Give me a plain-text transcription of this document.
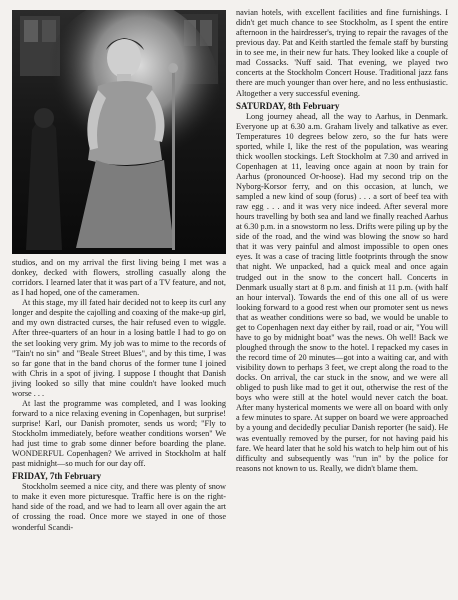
studios, and on my arrival the first living being I met was a donkey, decked with flowers, strolling casually along the corridors. I learned later that it was part of a TV feature, and not, as I had hoped, one of the cameramen.

At this stage, my ill fated hair decided not to keep its curl any longer and despite the cajolling and coaxing of the make-up girl, and my own distracted curses, the hair refused even to wiggle. After three-quarters of an hour in a losing battle I had to go on the set looking very grim. My job was to mime to the records of "Tain't no sin" and "Beale Street Blues", and by this time, I was so far gone that in the band chorus of the former tune I joined with Chris in a spot of jiving. I suppose I thought that Danish jiving looked so silly that mine couldn't have looked much worse . . .

At last the programme was completed, and I was looking forward to a nice relaxing evening in Copenhagen, but surprise! surprise! Karl, our Danish promoter, sends us word; "Fly to Stockholm immediately, before weather conditions worsen" We had just time to grab some dinner before boarding the plane. WONDERFUL Copenhagen? We arrived in Stockholm at half past midnight—so much for our day off.

FRIDAY, 7th February

Stockholm seemed a nice city, and there was plenty of snow to make it even more picturesque. Traffic here is on the right-hand side of the road, and we had to learn all over again the art of crossing the road. Once more we stayed in one of those wonderful Scandi-

navian hotels, with excellent facilities and fine furnishings. I didn't get much chance to see Stockholm, as I spent the entire afternoon in the hairdresser's, trying to repair the ravages of the previous day. Pat and Keith startled the female staff by bursting in to see me, in their new fur hats. They looked like a couple of mad Cossacks. 'Nuff said. That evening, we played two concerts at the Stockholm Concert House. Traditional jazz fans there are much younger than over here, and no less enthusiastic. Altogether a very successful evening.

SATURDAY, 8th February

Long journey ahead, all the way to Aarhus, in Denmark. Everyone up at 6.30 a.m. Graham lively and talkative as ever. Temperatures 10 degrees below zero, so the fur hats were sported, while I, like the rest of the population, was wearing thick woollen stockings. Left Stockholm at 7.30 and arrived in Copenhagen at 11, leaving once again at noon by train for Aarhus (pronounced Or-hoose). Had my second trip on the Nyborg-Korsor ferry, and on this occasion, at lunch, we sampled a new kind of soup (forus) . . . a sort of beef tea with raw egg . . . and it was very nice indeed. After several more hours travelling by both sea and land we finally reached Aarhus at 6.30 p.m. in a snowstorm no less. Drifts were piling up by the side of the road, and the wind was blowing the snow so hard that it was very painful and almost impossible to open ones eyes. It was a case of tracing little footprints through the snow that night. We unpacked, had a quick meal and once again trudged out in the snow to the concert hall. Concerts in Denmark usually start at 8 p.m. and finish at 11 p.m. (with half an hour interval). Towards the end of this one all of us were looking forward to a good rest when our promoter sent us news that as weather conditions were so bad, we would be unable to get to Copenhagen next day either by rail, road or air, "You will have to go by midnight boat" was the news. Oh well! Back we ploughed through the snow to the hotel. I repacked my cases in the record time of 20 minutes—got into a waiting car, and with visibility down to perhaps 3 feet, we crept along the road to the docks. On arrival, the car stuck in the snow, and we were all obliged to push like mad to get it out, otherwise the rest of the boys who were still at the hotel would never catch the boat. After many hysterical moments we were all on board with only a few minutes to spare. At supper on board we were approached by a young and decidedly peculiar Danish reporter (he said). He was eventually removed by the purser, for not having paid his fare. We heard later that he sold his watch to help him out of his difficulty and subsequently was "run in" by the police for reasons not known to us. Really, we didn't blame them.
